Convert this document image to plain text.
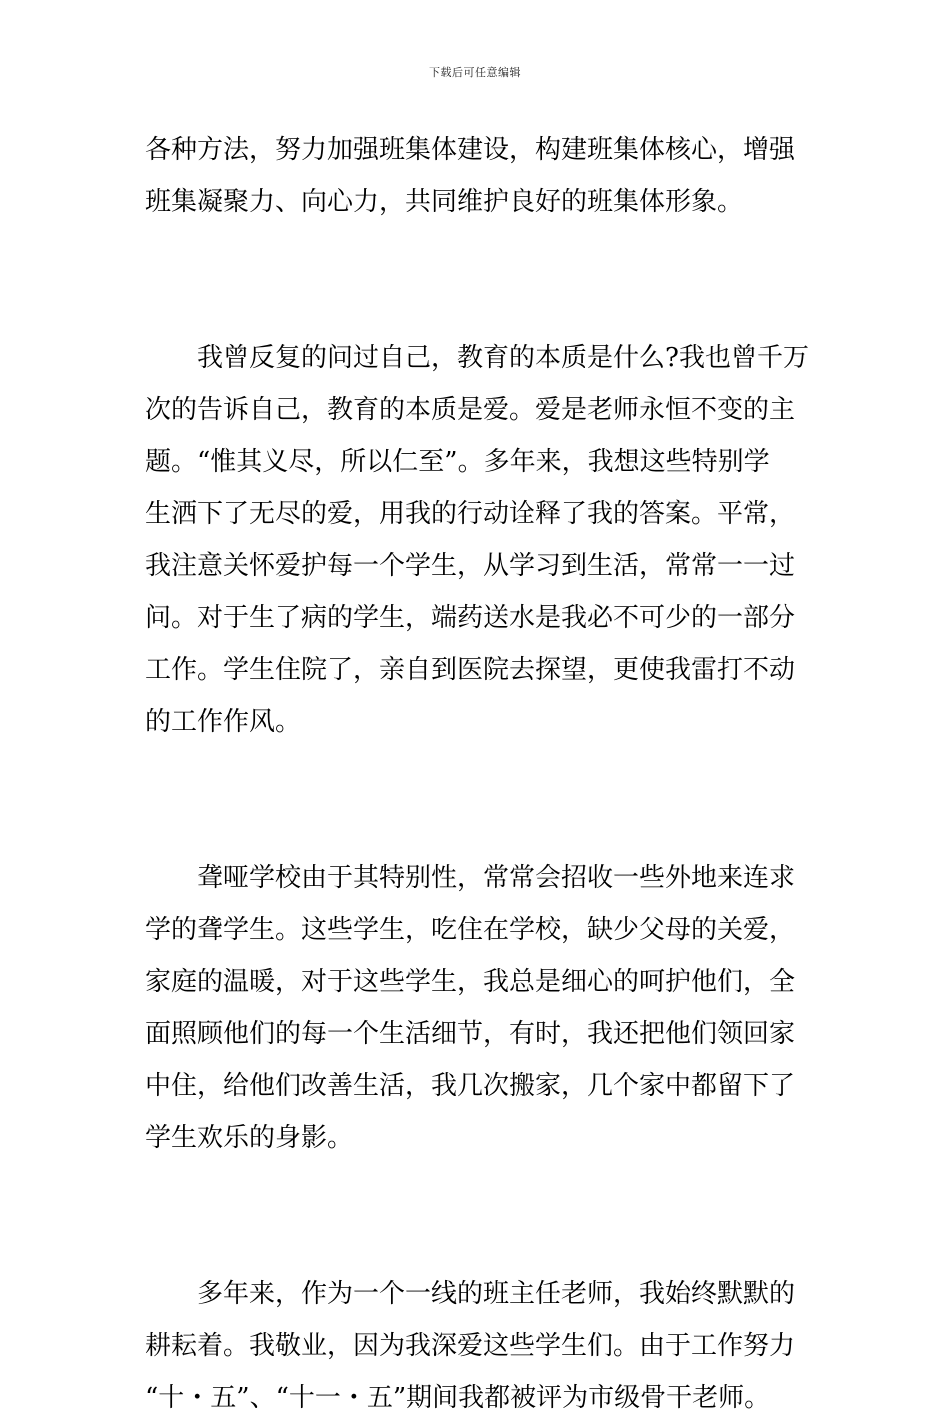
下载后可任意编辑
各种方法，努力加强班集体建设，构建班集体核心，增强
班集凝聚力、向心力，共同维护良好的班集体形象。
　　我曾反复的问过自己，教育的本质是什么?我也曾千万
次的告诉自己，教育的本质是爱。爱是老师永恒不变的主
题。“惟其义尽，所以仁至”。多年来，我想这些特别学
生洒下了无尽的爱，用我的行动诠释了我的答案。平常，
我注意关怀爱护每一个学生，从学习到生活，常常一一过
问。对于生了病的学生，端药送水是我必不可少的一部分
工作。学生住院了，亲自到医院去探望，更使我雷打不动
的工作作风。
　　聋哑学校由于其特别性，常常会招收一些外地来连求
学的聋学生。这些学生，吃住在学校，缺少父母的关爱，
家庭的温暖，对于这些学生，我总是细心的呵护他们，全
面照顾他们的每一个生活细节，有时，我还把他们领回家
中住，给他们改善生活，我几次搬家，几个家中都留下了
学生欢乐的身影。
　　多年来，作为一个一线的班主任老师，我始终默默的
耕耘着。我敬业，因为我深爱这些学生们。由于工作努力
“十・五”、“十一・五”期间我都被评为市级骨干老师。
